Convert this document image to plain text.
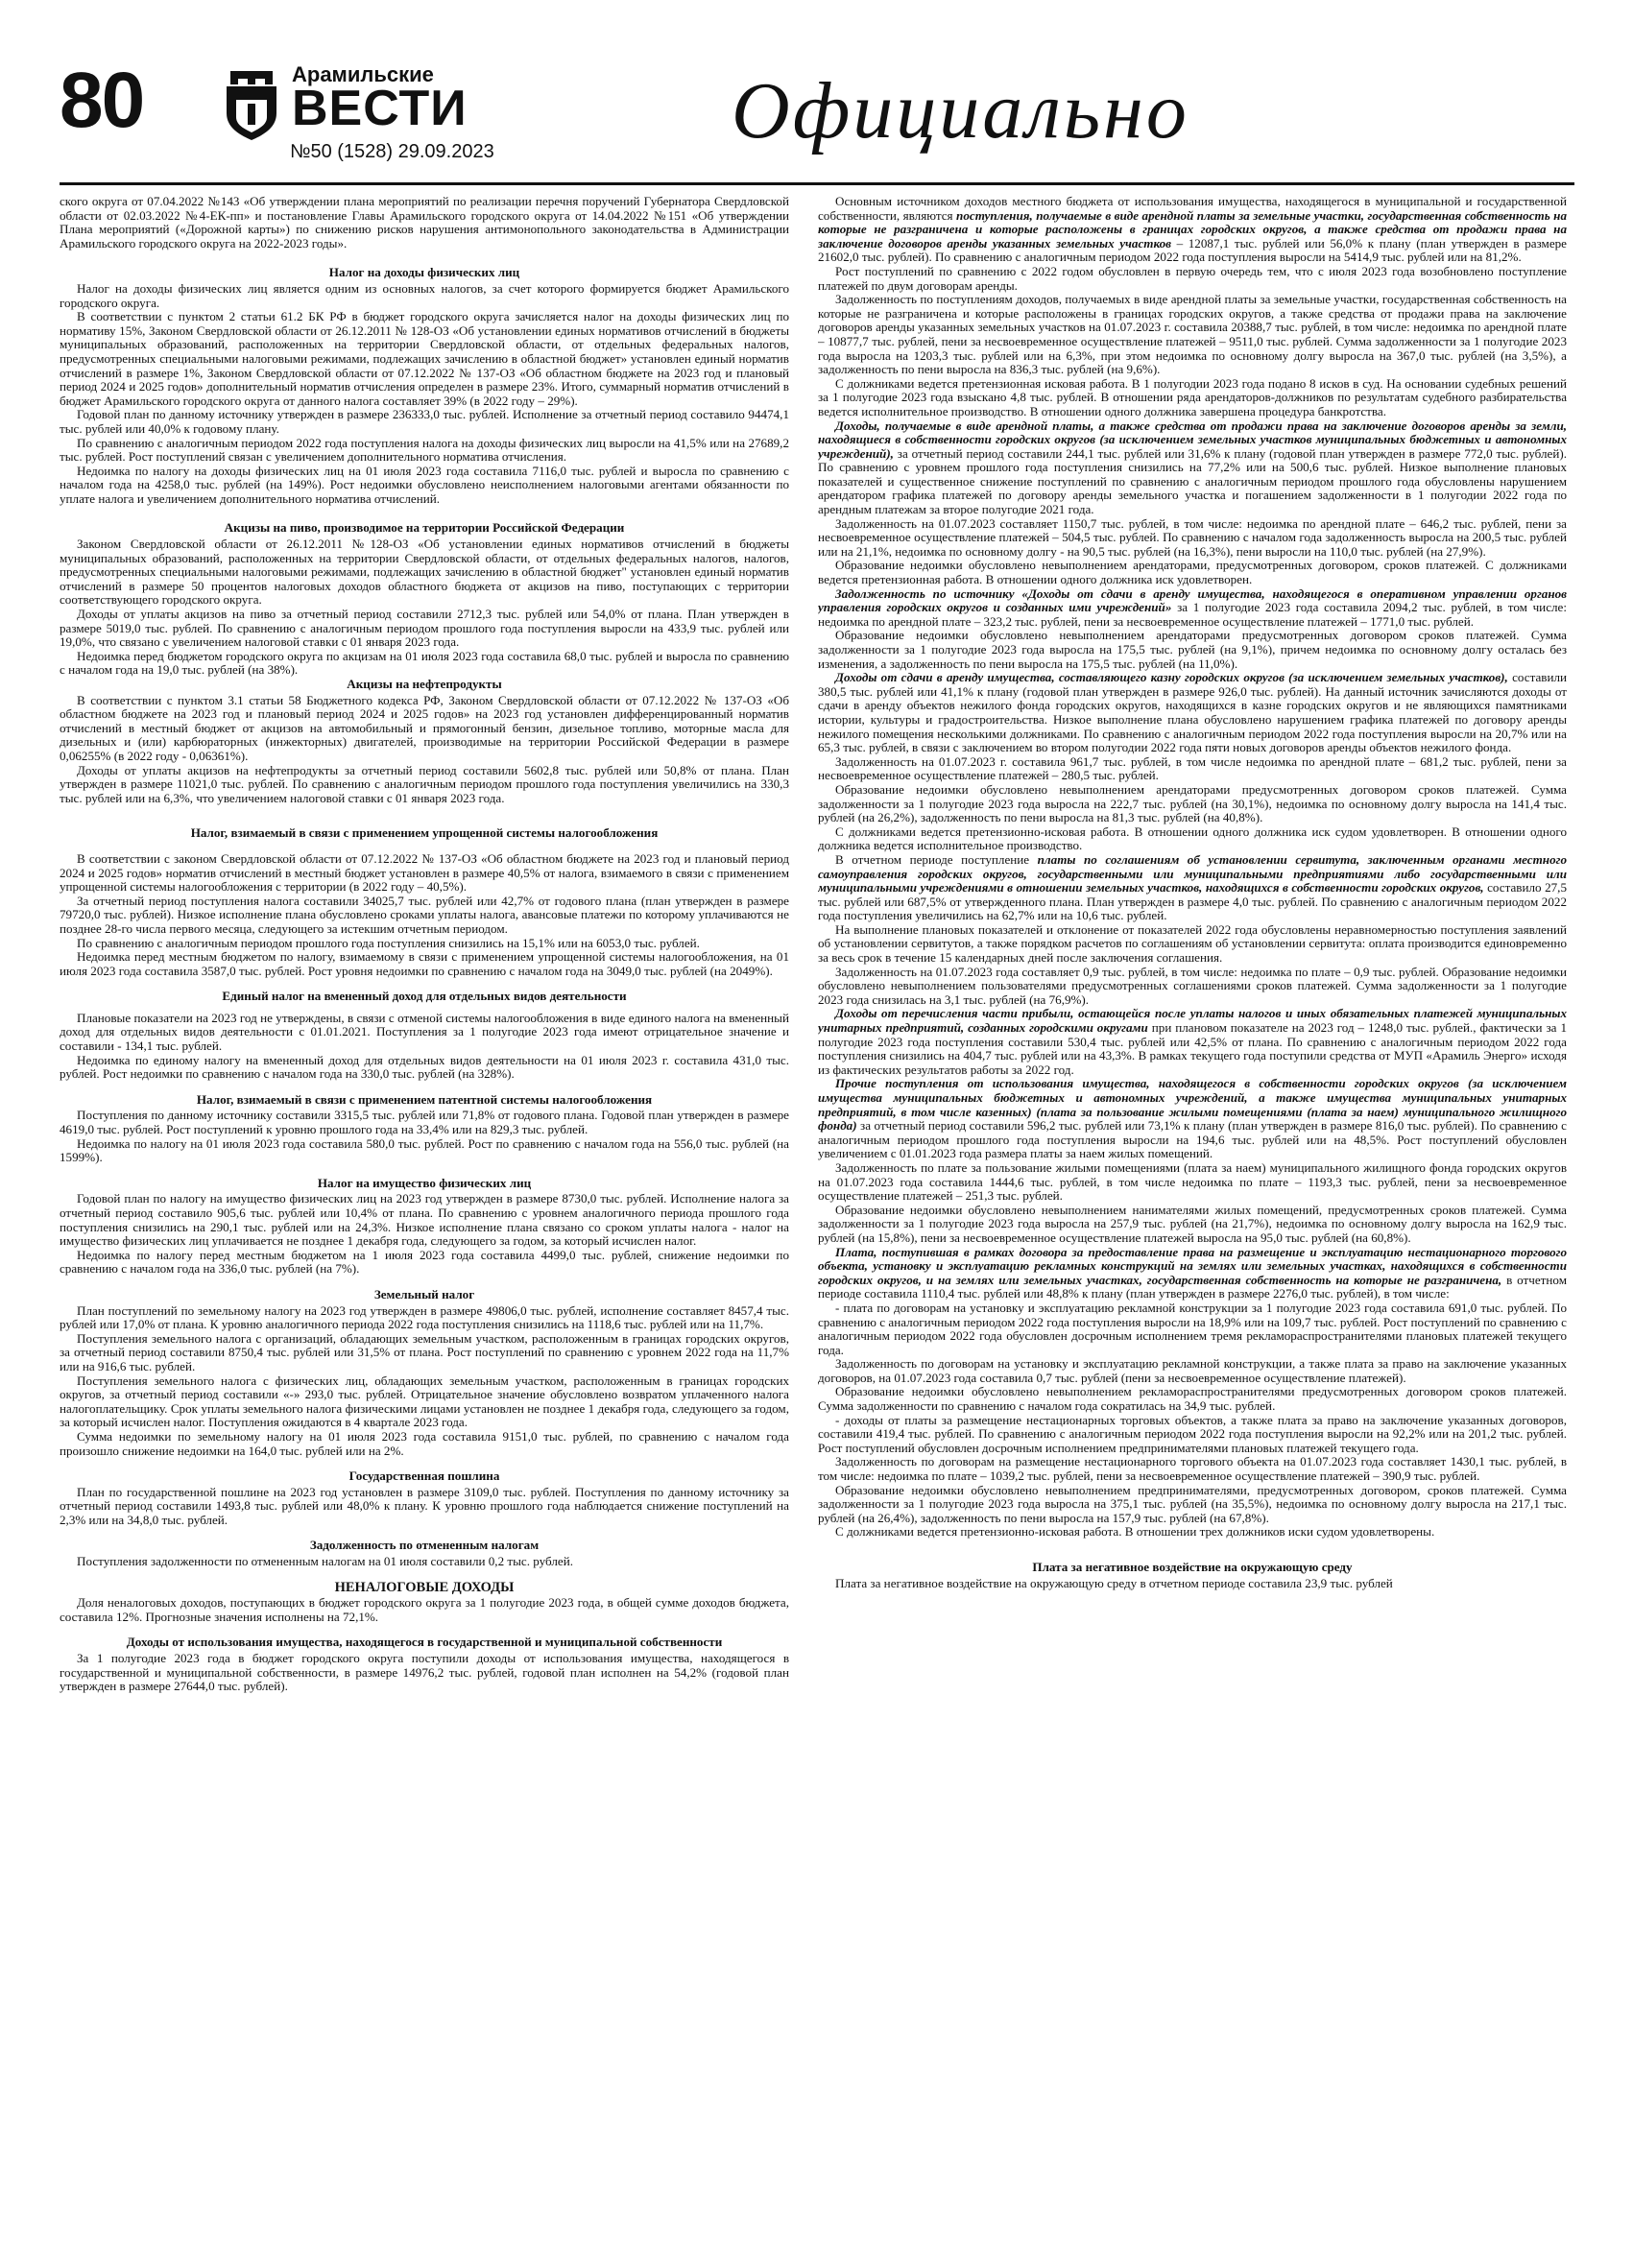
80	Арамильские
ВЕСТИ
№50 (1528) 29.09.2023	Официально

ского округа от 07.04.2022 №143 «Об утверждении плана мероприятий по реализации перечня поручений Губернатора Свердловской области от 02.03.2022 №4-ЕК-пп» и постановление Главы Арамильского городского округа от 14.04.2022 №151 «Об утверждении Плана мероприятий («Дорожной карты») по снижению рисков нарушения антимонопольного законодательства в Администрации Арамильского городского округа на 2022-2023 годы».

Налог на доходы физических лиц

Налог на доходы физических лиц является одним из основных налогов, за счет которого формируется бюджет Арамильского городского округа.

В соответствии с пунктом 2 статьи 61.2 БК РФ в бюджет городского округа зачисляется налог на доходы физических лиц по нормативу 15%, Законом Свердловской области от 26.12.2011 № 128-ОЗ «Об установлении единых нормативов отчислений в бюджеты муниципальных образований, расположенных на территории Свердловской области, от отдельных федеральных налогов, предусмотренных специальными налоговыми режимами, подлежащих зачислению в областной бюджет» установлен единый норматив отчислений в размере 1%, Законом Свердловской области от 07.12.2022 № 137-ОЗ «Об областном бюджете на 2023 год и плановый период 2024 и 2025 годов» дополнительный норматив отчисления определен в размере 23%. Итого, суммарный норматив отчислений в бюджет Арамильского городского округа от данного налога составляет 39% (в 2022 году – 29%).

Годовой план по данному источнику утвержден в размере 236333,0 тыс. рублей. Исполнение за отчетный период составило 94474,1 тыс. рублей или 40,0% к годовому плану.

По сравнению с аналогичным периодом 2022 года поступления налога на доходы физических лиц выросли на 41,5% или на 27689,2 тыс. рублей. Рост поступлений связан с увеличением дополнительного норматива отчисления.

Недоимка по налогу на доходы физических лиц на 01 июля 2023 года составила 7116,0 тыс. рублей и выросла по сравнению с началом года на 4258,0 тыс. рублей (на 149%). Рост недоимки обусловлено неисполнением налоговыми агентами обязанности по уплате налога и увеличением дополнительного норматива отчислений.

Акцизы на пиво, производимое на территории Российской Федерации

Законом Свердловской области от 26.12.2011 №128-ОЗ «Об установлении единых нормативов отчислений в бюджеты муниципальных образований, расположенных на территории Свердловской области, от отдельных федеральных налогов, налогов, предусмотренных специальными налоговыми режимами, подлежащих зачислению в областной бюджет" установлен единый норматив отчислений в размере 50 процентов налоговых доходов областного бюджета от акцизов на пиво, поступающих с территории соответствующего городского округа.

Доходы от уплаты акцизов на пиво за отчетный период составили 2712,3 тыс. рублей или 54,0% от плана. План утвержден в размере 5019,0 тыс. рублей. По сравнению с аналогичным периодом прошлого года поступления выросли на 433,9 тыс. рублей или 19,0%, что связано с увеличением налоговой ставки с 01 января 2023 года.

Недоимка перед бюджетом городского округа по акцизам на 01 июля 2023 года составила 68,0 тыс. рублей и выросла по сравнению с началом года на 19,0 тыс. рублей (на 38%).

Акцизы на нефтепродукты

В соответствии с пунктом 3.1 статьи 58 Бюджетного кодекса РФ, Законом Свердловской области от 07.12.2022 № 137-ОЗ «Об областном бюджете на 2023 год и плановый период 2024 и 2025 годов» на 2023 год установлен дифференцированный норматив отчислений в местный бюджет от акцизов на автомобильный и прямогонный бензин, дизельное топливо, моторные масла для дизельных и (или) карбюраторных (инжекторных) двигателей, производимые на территории Российской Федерации в размере 0,06255% (в 2022 году - 0,06361%).

Доходы от уплаты акцизов на нефтепродукты за отчетный период составили 5602,8 тыс. рублей или 50,8% от плана. План утвержден в размере 11021,0 тыс. рублей. По сравнению с аналогичным периодом прошлого года поступления увеличились на 330,3 тыс. рублей или на 6,3%, что увеличением налоговой ставки с 01 января 2023 года.

Налог, взимаемый в связи с применением упрощенной системы налогообложения

В соответствии с законом Свердловской области от 07.12.2022 № 137-ОЗ «Об областном бюджете на 2023 год и плановый период 2024 и 2025 годов» норматив отчислений в местный бюджет установлен в размере 40,5% от налога, взимаемого в связи с применением упрощенной системы налогообложения с территории (в 2022 году – 40,5%).

За отчетный период поступления налога составили 34025,7 тыс. рублей или 42,7% от годового плана (план утвержден в размере 79720,0 тыс. рублей). Низкое исполнение плана обусловлено сроками уплаты налога, авансовые платежи по которому уплачиваются не позднее 28-го числа первого месяца, следующего за истекшим отчетным периодом.

По сравнению с аналогичным периодом прошлого года поступления снизились на 15,1% или на 6053,0 тыс. рублей.

Недоимка перед местным бюджетом по налогу, взимаемому в связи с применением упрощенной системы налогообложения, на 01 июля 2023 года составила 3587,0 тыс. рублей. Рост уровня недоимки по сравнению с началом года на 3049,0 тыс. рублей (на 2049%).

Единый налог на вмененный доход для отдельных видов деятельности

Плановые показатели на 2023 год не утверждены, в связи с отменой системы налогообложения в виде единого налога на вмененный доход для отдельных видов деятельности с 01.01.2021. Поступления за 1 полугодие 2023 года имеют отрицательное значение и составили - 134,1 тыс. рублей.

Недоимка по единому налогу на вмененный доход для отдельных видов деятельности на 01 июля 2023 г. составила 431,0 тыс. рублей. Рост недоимки по сравнению с началом года на 330,0 тыс. рублей (на 328%).

Налог, взимаемый в связи с применением патентной системы налогообложения

Поступления по данному источнику составили 3315,5 тыс. рублей или 71,8% от годового плана. Годовой план утвержден в размере 4619,0 тыс. рублей. Рост поступлений к уровню прошлого года на 33,4% или на 829,3 тыс. рублей.

Недоимка по налогу на 01 июля 2023 года составила 580,0 тыс. рублей. Рост по сравнению с началом года на 556,0 тыс. рублей (на 1599%).

Налог на имущество физических лиц

Годовой план по налогу на имущество физических лиц на 2023 год утвержден в размере 8730,0 тыс. рублей. Исполнение налога за отчетный период составило 905,6 тыс. рублей или 10,4% от плана. По сравнению с уровнем аналогичного периода прошлого года поступления снизились на 290,1 тыс. рублей или на 24,3%. Низкое исполнение плана связано со сроком уплаты налога - налог на имущество физических лиц уплачивается не позднее 1 декабря года, следующего за годом, за который исчислен налог.

Недоимка по налогу перед местным бюджетом на 1 июля 2023 года составила 4499,0 тыс. рублей, снижение недоимки по сравнению с началом года на 336,0 тыс. рублей (на 7%).

Земельный налог

План поступлений по земельному налогу на 2023 год утвержден в размере 49806,0 тыс. рублей, исполнение составляет 8457,4 тыс. рублей или 17,0% от плана. К уровню аналогичного периода 2022 года поступления снизились на 1118,6 тыс. рублей или на 11,7%.

Поступления земельного налога с организаций, обладающих земельным участком, расположенным в границах городских округов, за отчетный период составили 8750,4 тыс. рублей или 31,5% от плана. Рост поступлений по сравнению с уровнем 2022 года на 11,7% или на 916,6 тыс. рублей.

Поступления земельного налога с физических лиц, обладающих земельным участком, расположенным в границах городских округов, за отчетный период составили «-» 293,0 тыс. рублей. Отрицательное значение обусловлено возвратом уплаченного налога налогоплательщику. Срок уплаты земельного налога физическими лицами установлен не позднее 1 декабря года, следующего за годом, за который исчислен налог. Поступления ожидаются в 4 квартале 2023 года.

Сумма недоимки по земельному налогу на 01 июля 2023 года составила 9151,0 тыс. рублей, по сравнению с началом года произошло снижение недоимки на 164,0 тыс. рублей или на 2%.

Государственная пошлина

План по государственной пошлине на 2023 год установлен в размере 3109,0 тыс. рублей. Поступления по данному источнику за отчетный период составили 1493,8 тыс. рублей или 48,0% к плану. К уровню прошлого года наблюдается снижение поступлений на 2,3% или на 34,8,0 тыс. рублей.

Задолженность по отмененным налогам

Поступления задолженности по отмененным налогам на 01 июля составили 0,2 тыс. рублей.

НЕНАЛОГОВЫЕ ДОХОДЫ

Доля неналоговых доходов, поступающих в бюджет городского округа за 1 полугодие 2023 года, в общей сумме доходов бюджета, составила 12%. Прогнозные значения исполнены на 72,1%.

Доходы от использования имущества, находящегося в государственной и муниципальной собственности

За 1 полугодие 2023 года в бюджет городского округа поступили доходы от использования имущества, находящегося в государственной и муниципальной собственности, в размере 14976,2 тыс. рублей, годовой план исполнен на 54,2% (годовой план утвержден в размере 27644,0 тыс. рублей).

Основным источником доходов местного бюджета от использования имущества, находящегося в муниципальной и государственной собственности, являются поступления, получаемые в виде арендной платы за земельные участки, государственная собственность на которые не разграничена и которые расположены в границах городских округов, а также средства от продажи права на заключение договоров аренды указанных земельных участков – 12087,1 тыс. рублей или 56,0% к плану (план утвержден в размере 21602,0 тыс. рублей). По сравнению с аналогичным периодом 2022 года поступления выросли на 5414,9 тыс. рублей или на 81,2%.

Рост поступлений по сравнению с 2022 годом обусловлен в первую очередь тем, что с июля 2023 года возобновлено поступление платежей по двум договорам аренды.

Задолженность по поступлениям доходов, получаемых в виде арендной платы за земельные участки, государственная собственность на которые не разграничена и которые расположены в границах городских округов, а также средства от продажи права на заключение договоров аренды указанных земельных участков на 01.07.2023 г. составила 20388,7 тыс. рублей, в том числе: недоимка по арендной плате – 10877,7 тыс. рублей, пени за несвоевременное осуществление платежей – 9511,0 тыс. рублей. Сумма задолженности за 1 полугодие 2023 года выросла на 1203,3 тыс. рублей или на 6,3%, при этом недоимка по основному долгу выросла на 367,0 тыс. рублей (на 3,5%), а задолженность по пени выросла на 836,3 тыс. рублей (на 9,6%).

С должниками ведется претензионная исковая работа. В 1 полугодии 2023 года подано 8 исков в суд. На основании судебных решений за 1 полугодие 2023 года взыскано 4,8 тыс. рублей. В отношении ряда арендаторов-должников по результатам судебного разбирательства ведется исполнительное производство. В отношении одного должника завершена процедура банкротства.

Доходы, получаемые в виде арендной платы, а также средства от продажи права на заключение договоров аренды за земли, находящиеся в собственности городских округов (за исключением земельных участков муниципальных бюджетных и автономных учреждений), за отчетный период составили 244,1 тыс. рублей или 31,6% к плану (годовой план утвержден в размере 772,0 тыс. рублей). По сравнению с уровнем прошлого года поступления снизились на 77,2% или на 500,6 тыс. рублей. Низкое выполнение плановых показателей и существенное снижение поступлений по сравнению с аналогичным периодом прошлого года обусловлены нарушением арендатором графика платежей по договору аренды земельного участка и погашением задолженности в 1 полугодии 2022 года по арендным платежам за второе полугодие 2021 года.

Задолженность на 01.07.2023 составляет 1150,7 тыс. рублей, в том числе: недоимка по арендной плате – 646,2 тыс. рублей, пени за несвоевременное осуществление платежей – 504,5 тыс. рублей. По сравнению с началом года задолженность выросла на 200,5 тыс. рублей или на 21,1%, недоимка по основному долгу - на 90,5 тыс. рублей (на 16,3%), пени выросли на 110,0 тыс. рублей (на 27,9%).

Образование недоимки обусловлено невыполнением арендаторами, предусмотренных договором, сроков платежей. С должниками ведется претензионная работа. В отношении одного должника иск удовлетворен.

Задолженность по источнику «Доходы от сдачи в аренду имущества, находящегося в оперативном управлении органов управления городских округов и созданных ими учреждений» за 1 полугодие 2023 года составила 2094,2 тыс. рублей, в том числе: недоимка по арендной плате – 323,2 тыс. рублей, пени за несвоевременное осуществление платежей – 1771,0 тыс. рублей.

Образование недоимки обусловлено невыполнением арендаторами предусмотренных договором сроков платежей. Сумма задолженности за 1 полугодие 2023 года выросла на 175,5 тыс. рублей (на 9,1%), причем недоимка по основному долгу осталась без изменения, а задолженность по пени выросла на 175,5 тыс. рублей (на 11,0%).

Доходы от сдачи в аренду имущества, составляющего казну городских округов (за исключением земельных участков), составили 380,5 тыс. рублей или 41,1% к плану (годовой план утвержден в размере 926,0 тыс. рублей). На данный источник зачисляются доходы от сдачи в аренду объектов нежилого фонда городских округов, находящихся в казне городских округов и не являющихся памятниками истории, культуры и градостроительства. Низкое выполнение плана обусловлено нарушением графика платежей по договору аренды нежилого помещения несколькими должниками. По сравнению с аналогичным периодом 2022 года поступления выросли на 20,7% или на 65,3 тыс. рублей, в связи с заключением во втором полугодии 2022 года пяти новых договоров аренды объектов нежилого фонда.

Задолженность на 01.07.2023 г. составила 961,7 тыс. рублей, в том числе недоимка по арендной плате – 681,2 тыс. рублей, пени за несвоевременное осуществление платежей – 280,5 тыс. рублей.

Образование недоимки обусловлено невыполнением арендаторами предусмотренных договором сроков платежей. Сумма задолженности за 1 полугодие 2023 года выросла на 222,7 тыс. рублей (на 30,1%), недоимка по основному долгу выросла на 141,4 тыс. рублей (на 26,2%), задолженность по пени выросла на 81,3 тыс. рублей (на 40,8%).

С должниками ведется претензионно-исковая работа. В отношении одного должника иск судом удовлетворен. В отношении одного должника ведется исполнительное производство.

В отчетном периоде поступление платы по соглашениям об установлении сервитута, заключенным органами местного самоуправления городских округов, государственными или муниципальными предприятиями либо государственными или муниципальными учреждениями в отношении земельных участков, находящихся в собственности городских округов, составило 27,5 тыс. рублей или 687,5% от утвержденного плана. План утвержден в размере 4,0 тыс. рублей. По сравнению с аналогичным периодом 2022 года поступления увеличились на 62,7% или на 10,6 тыс. рублей.

На выполнение плановых показателей и отклонение от показателей 2022 года обусловлены неравномерностью поступления заявлений об установлении сервитутов, а также порядком расчетов по соглашениям об установлении сервитута: оплата производится единовременно за весь срок в течение 15 календарных дней после заключения соглашения.

Задолженность на 01.07.2023 года составляет 0,9 тыс. рублей, в том числе: недоимка по плате – 0,9 тыс. рублей. Образование недоимки обусловлено невыполнением пользователями предусмотренных соглашениями сроков платежей. Сумма задолженности за 1 полугодие 2023 года снизилась на 3,1 тыс. рублей (на 76,9%).

Доходы от перечисления части прибыли, остающейся после уплаты налогов и иных обязательных платежей муниципальных унитарных предприятий, созданных городскими округами при плановом показателе на 2023 год – 1248,0 тыс. рублей., фактически за 1 полугодие 2023 года поступления составили 530,4 тыс. рублей или 42,5% от плана. По сравнению с аналогичным периодом 2022 года поступления снизились на 404,7 тыс. рублей или на 43,3%. В рамках текущего года поступили средства от МУП «Арамиль Энерго» исходя из фактических результатов работы за 2022 год.

Прочие поступления от использования имущества, находящегося в собственности городских округов (за исключением имущества муниципальных бюджетных и автономных учреждений, а также имущества муниципальных унитарных предприятий, в том числе казенных) (плата за пользование жилыми помещениями (плата за наем) муниципального жилищного фонда) за отчетный период составили 596,2 тыс. рублей или 73,1% к плану (план утвержден в размере 816,0 тыс. рублей). По сравнению с аналогичным периодом прошлого года поступления выросли на 194,6 тыс. рублей или на 48,5%. Рост поступлений обусловлен увеличением с 01.01.2023 года размера платы за наем жилых помещений.

Задолженность по плате за пользование жилыми помещениями (плата за наем) муниципального жилищного фонда городских округов на 01.07.2023 года составила 1444,6 тыс. рублей, в том числе недоимка по плате – 1193,3 тыс. рублей, пени за несвоевременное осуществление платежей – 251,3 тыс. рублей.

Образование недоимки обусловлено невыполнением нанимателями жилых помещений, предусмотренных сроков платежей. Сумма задолженности за 1 полугодие 2023 года выросла на 257,9 тыс. рублей (на 21,7%), недоимка по основному долгу выросла на 162,9 тыс. рублей (на 15,8%), пени за несвоевременное осуществление платежей выросла на 95,0 тыс. рублей (на 60,8%).

Плата, поступившая в рамках договора за предоставление права на размещение и эксплуатацию нестационарного торгового объекта, установку и эксплуатацию рекламных конструкций на землях или земельных участках, находящихся в собственности городских округов, и на землях или земельных участках, государственная собственность на которые не разграничена, в отчетном периоде составила 1110,4 тыс. рублей или 48,8% к плану (план утвержден в размере 2276,0 тыс. рублей), в том числе:

- плата по договорам на установку и эксплуатацию рекламной конструкции за 1 полугодие 2023 года составила 691,0 тыс. рублей. По сравнению с аналогичным периодом 2022 года поступления выросли на 18,9% или на 109,7 тыс. рублей. Рост поступлений по сравнению с аналогичным периодом 2022 года обусловлен досрочным исполнением тремя рекламораспространителями плановых платежей текущего года.

Задолженность по договорам на установку и эксплуатацию рекламной конструкции, а также плата за право на заключение указанных договоров, на 01.07.2023 года составила 0,7 тыс. рублей (пени за несвоевременное осуществление платежей).

Образование недоимки обусловлено невыполнением рекламораспространителями предусмотренных договором сроков платежей. Сумма задолженности по сравнению с началом года сократилась на 34,9 тыс. рублей.

- доходы от платы за размещение нестационарных торговых объектов, а также плата за право на заключение указанных договоров, составили 419,4 тыс. рублей. По сравнению с аналогичным периодом 2022 года поступления выросли на 92,2% или на 201,2 тыс. рублей. Рост поступлений обусловлен досрочным исполнением предпринимателями плановых платежей текущего года.

Задолженность по договорам на размещение нестационарного торгового объекта на 01.07.2023 года составляет 1430,1 тыс. рублей, в том числе: недоимка по плате – 1039,2 тыс. рублей, пени за несвоевременное осуществление платежей – 390,9 тыс. рублей.

Образование недоимки обусловлено невыполнением предпринимателями, предусмотренных договором, сроков платежей. Сумма задолженности за 1 полугодие 2023 года выросла на 375,1 тыс. рублей (на 35,5%), недоимка по основному долгу выросла на 217,1 тыс. рублей (на 26,4%), задолженность по пени выросла на 157,9 тыс. рублей (на 67,8%).

С должниками ведется претензионно-исковая работа. В отношении трех должников иски судом удовлетворены.

Плата за негативное воздействие на окружающую среду

Плата за негативное воздействие на окружающую среду в отчетном периоде составила 23,9 тыс. рублей
